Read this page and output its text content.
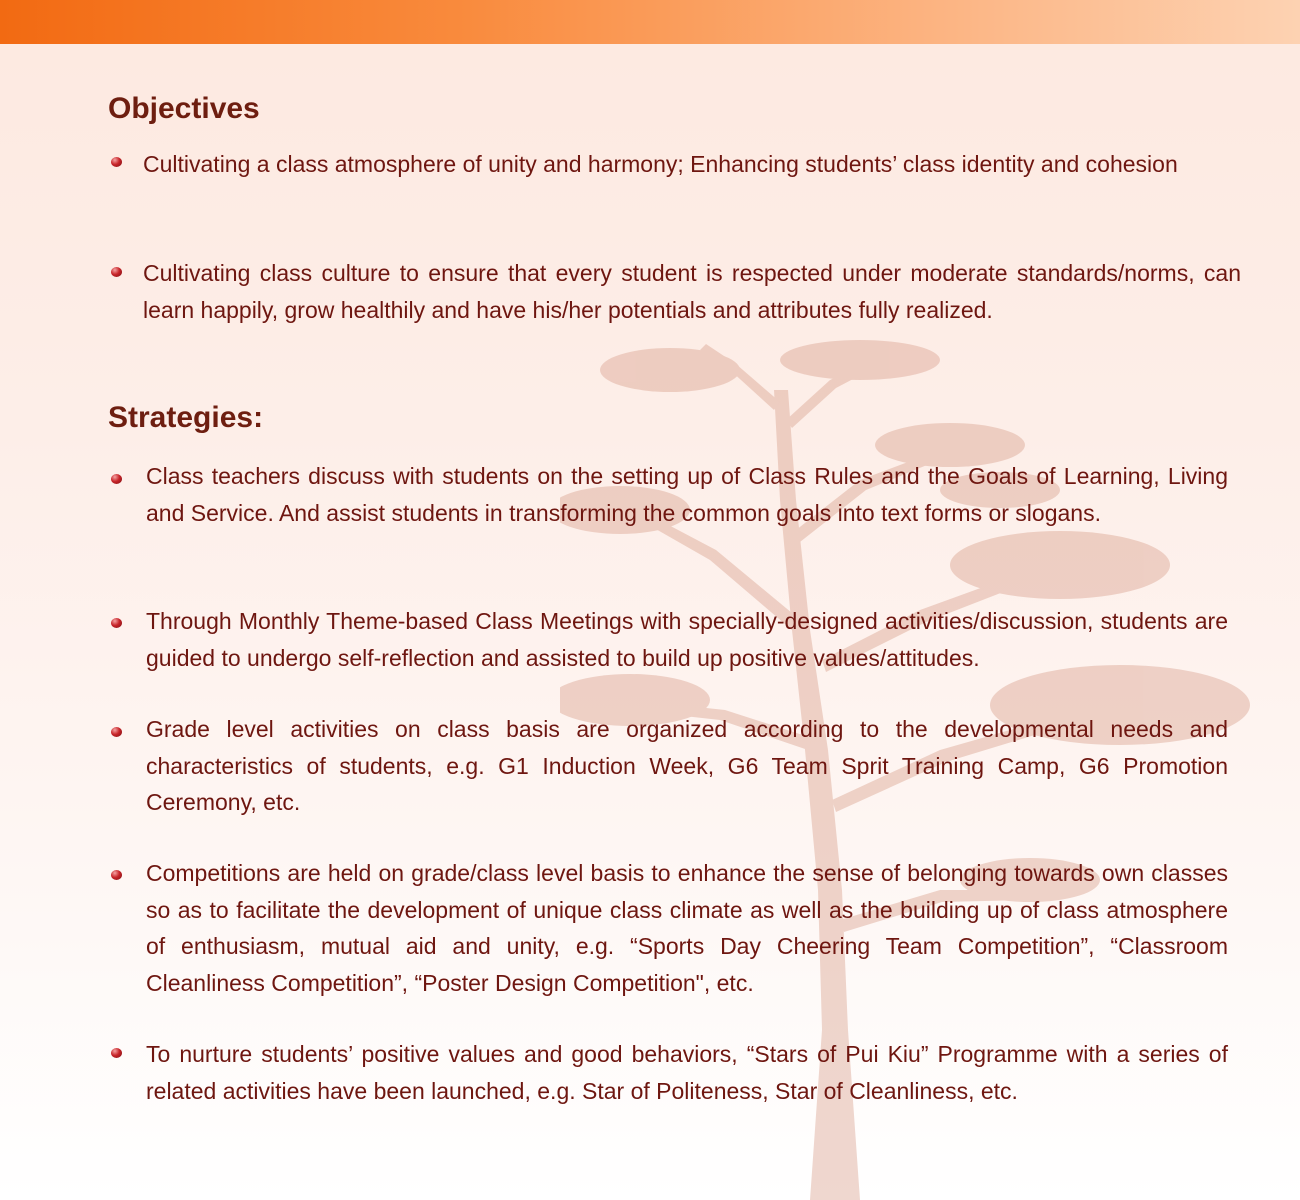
Objectives

Cultivating a class atmosphere of unity and harmony; Enhancing students’ class identity and cohesion

Cultivating class culture to ensure that every student is respected under moderate standards/norms, can learn happily, grow healthily and have his/her potentials and attributes fully realized.

Strategies:

Class teachers discuss with students on the setting up of Class Rules and the Goals of Learning, Living and Service. And assist students in transforming the common goals into text forms or slogans.

Through Monthly Theme-based Class Meetings with specially-designed activities/discussion, students are guided to undergo self-reflection and assisted to build up positive values/attitudes.

Grade level activities on class basis are organized according to the developmental needs and characteristics of students, e.g. G1 Induction Week, G6 Team Sprit Training Camp, G6 Promotion Ceremony, etc.

Competitions are held on grade/class level basis to enhance the sense of belonging towards own classes so as to facilitate the development of unique class climate as well as the building up of class atmosphere of enthusiasm, mutual aid and unity, e.g. “Sports Day Cheering Team Competition”, “Classroom Cleanliness Competition”, “Poster Design Competition", etc.

To nurture students’ positive values and good behaviors, “Stars of Pui Kiu” Programme with a series of related activities have been launched, e.g. Star of Politeness, Star of Cleanliness, etc.
